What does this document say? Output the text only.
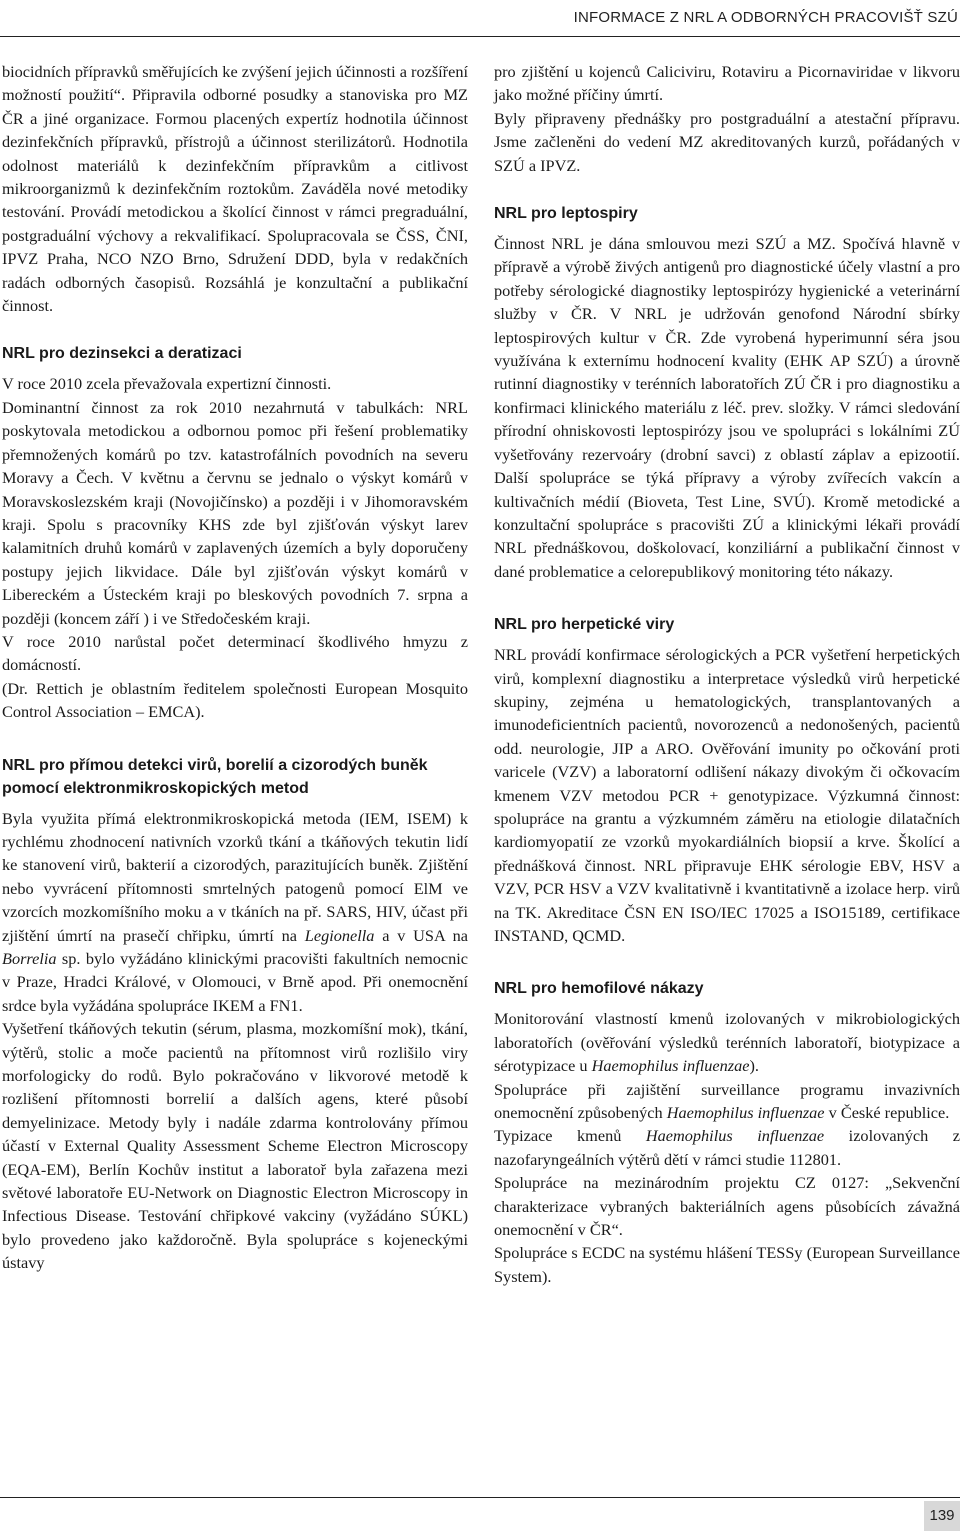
INFORMACE Z NRL A ODBORNÝCH PRACOVIŠŤ SZÚ

biocidních přípravků směřujících ke zvýšení jejich účinnosti a rozšíření možností použití“. Připravila odborné posudky a stanoviska pro MZ ČR a jiné organizace. Formou placených expertíz hodnotila účinnost dezinfekčních přípravků, přístrojů a účinnost sterilizátorů. Hodnotila odolnost materiálů k dezinfekčním přípravkům a citlivost mikroorganizmů k dezinfekčním roztokům. Zaváděla nové metodiky testování. Provádí metodickou a školící činnost v rámci pregraduální, postgraduální výchovy a rekvalifikací. Spolupracovala se ČSS, ČNI, IPVZ Praha, NCO NZO Brno, Sdružení DDD, byla v redakčních radách odborných časopisů. Rozsáhlá je konzultační a publikační činnost.

NRL pro dezinsekci a deratizaci

V roce 2010 zcela převažovala expertizní činnosti.

Dominantní činnost za rok 2010 nezahrnutá v tabulkách: NRL poskytovala metodickou a odbornou pomoc při řešení problematiky přemnožených komárů po tzv. katastrofálních povodních na severu Moravy a Čech. V květnu a červnu se jednalo o výskyt komárů v Moravskoslezském kraji (Novojičínsko) a později i v Jihomoravském kraji. Spolu s pracovníky KHS zde byl zjišťován výskyt larev kalamitních druhů komárů v zaplavených územích a byly doporučeny postupy jejich likvidace. Dále byl zjišťován výskyt komárů v Libereckém a Ústeckém kraji po bleskových povodních 7. srpna a později (koncem září ) i ve Středočeském kraji.

V roce 2010 narůstal počet determinací škodlivého hmyzu z domácností.

(Dr. Rettich je oblastním ředitelem společnosti European Mosquito Control Association – EMCA).

NRL pro přímou detekci virů, borelií a cizorodých buněk pomocí elektronmikroskopických metod

Byla využita přímá elektronmikroskopická metoda (IEM, ISEM) k rychlému zhodnocení nativních vzorků tkání a tkáňových tekutin lidí ke stanovení virů, bakterií a cizorodých, parazitujících buněk. Zjištění nebo vyvrácení přítomnosti smrtelných patogenů pomocí ElM ve vzorcích mozkomíšního moku a v tkáních na př. SARS, HIV, účast při zjištění úmrtí na prasečí chřipku, úmrtí na Legionella a v USA na Borrelia sp. bylo vyžádáno klinickými pracovišti fakultních nemocnic v Praze, Hradci Králové, v Olomouci, v Brně apod. Při onemocnění srdce byla vyžádána spolupráce IKEM a FN1.

Vyšetření tkáňových tekutin (sérum, plasma, mozkomíšní mok), tkání, výtěrů, stolic a moče pacientů na přítomnost virů rozlišilo viry morfologicky do rodů. Bylo pokračováno v likvorové metodě k rozlišení přítomnosti borrelií a dalších agens, které působí demyelinizace. Metody byly i nadále zdarma kontrolovány přímou účastí v External Quality Assessment Scheme Electron Microscopy (EQA-EM), Berlín Kochův institut a laboratoř byla zařazena mezi světové laboratoře EU-Network on Diagnostic Electron Microscopy in Infectious Disease. Testování chřipkové vakciny (vyžádáno SÚKL) bylo provedeno jako každoročně. Byla spolupráce s kojeneckými ústavy

pro zjištění u kojenců Caliciviru, Rotaviru a Picornaviridae v likvoru jako možné příčiny úmrtí.

Byly připraveny přednášky pro postgraduální a atestační přípravu. Jsme začleněni do vedení MZ akreditovaných kurzů, pořádaných v SZÚ a IPVZ.

NRL pro leptospiry

Činnost NRL je dána smlouvou mezi SZÚ a MZ. Spočívá hlavně v přípravě a výrobě živých antigenů pro diagnostické účely vlastní a pro potřeby sérologické diagnostiky leptospirózy hygienické a veterinární služby v ČR. V NRL je udržován genofond Národní sbírky leptospirových kultur v ČR. Zde vyrobená hyperimunní séra jsou využívána k externímu hodnocení kvality (EHK AP SZÚ) a úrovně rutinní diagnostiky v terénních laboratořích ZÚ ČR i pro diagnostiku a konfirmaci klinického materiálu z léč. prev. složky. V rámci sledování přírodní ohniskovosti leptospirózy jsou ve spolupráci s lokálními ZÚ vyšetřovány rezervoáry (drobní savci) z oblastí záplav a epizootií. Další spolupráce se týká přípravy a výroby zvířecích vakcín a kultivačních médií (Bioveta, Test Line, SVÚ). Kromě metodické a konzultační spolupráce s pracovišti ZÚ a klinickými lékaři provádí NRL přednáškovou, doškolovací, konziliární a publikační činnost v dané problematice a celorepublikový monitoring této nákazy.

NRL pro herpetické viry

NRL provádí konfirmace sérologických a PCR vyšetření herpetických virů, komplexní diagnostiku a interpretace výsledků virů herpetické skupiny, zejména u hematologických, transplantovaných a imunodeficientních pacientů, novorozenců a nedonošených, pacientů odd. neurologie, JIP a ARO. Ověřování imunity po očkování proti varicele (VZV) a laboratorní odlišení nákazy divokým či očkovacím kmenem VZV metodou PCR + genotypizace. Výzkumná činnost: spolupráce na grantu a výzkumném záměru na etiologie dilatačních kardiomyopatií ze vzorků myokardiálních biopsií a krve. Školící a přednášková činnost. NRL připravuje EHK sérologie EBV, HSV a VZV, PCR HSV a VZV kvalitativně i kvantitativně a izolace herp. virů na TK. Akreditace ČSN EN ISO/IEC 17025 a ISO15189, certifikace INSTAND, QCMD.

NRL pro hemofilové nákazy

Monitorování vlastností kmenů izolovaných v mikrobiologických laboratořích (ověřování výsledků terénních laboratoří, biotypizace a sérotypizace u Haemophilus influenzae).

Spolupráce při zajištění surveillance programu invazivních onemocnění způsobených Haemophilus influenzae v České republice.

Typizace kmenů Haemophilus influenzae izolovaných z nazofaryngeálních výtěrů dětí v rámci studie 112801.

Spolupráce na mezinárodním projektu CZ 0127: „Sekvenční charakterizace vybraných bakteriálních agens působících závažná onemocnění v ČR“.

Spolupráce s ECDC na systému hlášení TESSy (European Surveillance System).

139
